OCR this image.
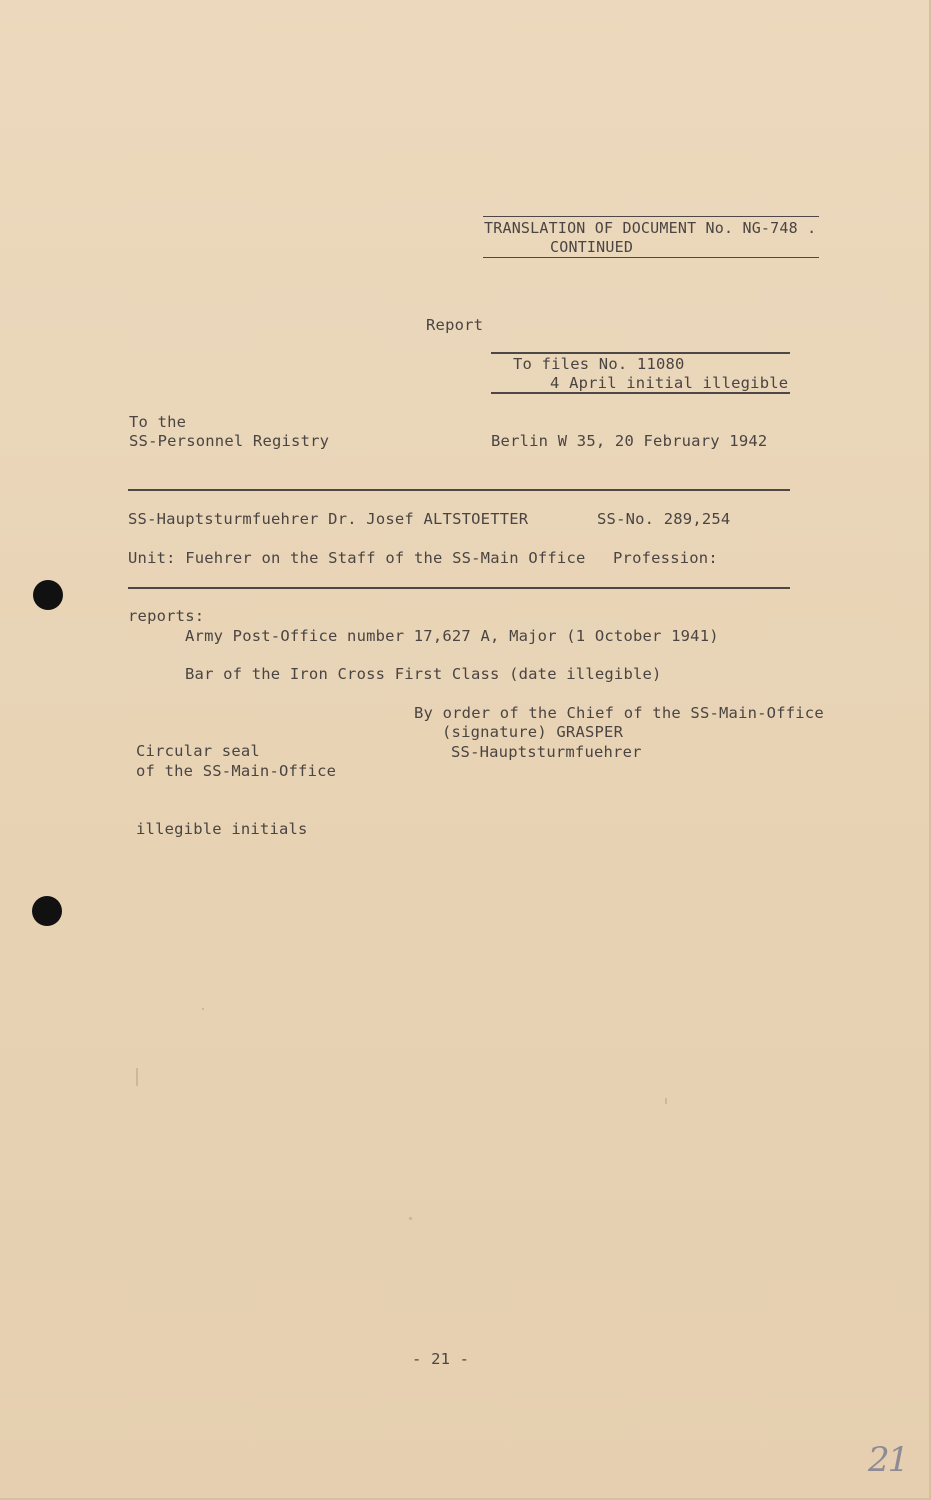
TRANSLATION OF DOCUMENT No. NG-748 .
CONTINUED
Report
To files No. 11080
4 April initial illegible
To the
SS-Personnel Registry	Berlin W 35, 20 February 1942
SS-Hauptsturmfuehrer Dr. Josef ALTSTOETTER	SS-No. 289,254
Unit: Fuehrer on the Staff of the SS-Main Office Profession:
reports:
Army Post-Office number 17,627 A, Major (1 October 1941)
Bar of the Iron Cross First Class (date illegible)
By order of the Chief of the SS-Main-Office
(signature) GRASPER
SS-Hauptsturmfuehrer
Circular seal
of the SS-Main-Office
illegible initials
- 21 -
21
